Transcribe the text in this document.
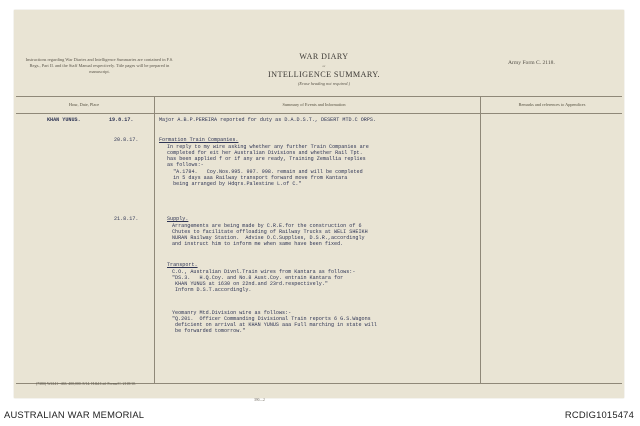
Instructions regarding War Diaries and Intelligence Summaries are contained in F.S. Regs., Part II. and the Staff Manual respectively. Title pages will be prepared in manuscript.
WAR DIARY
or
INTELLIGENCE SUMMARY.
(Erase heading not required.)
Army Form C. 2118.
Hour, Date, Place	Summary of Events and Information	Remarks and references to Appendices
KHAN YUNUS.	19.8.17.	Major A.B.P.PEREIRA reported for duty as D.A.D.S.T., DESERT MTD.C ORPS.
20.8.17.	Formation Train Companies.
In reply to my wire asking whether any further Train Companies are
completed for eit her Australian Divisions and whether Rail Tpt.
has been applied f or if any are ready, Training Zemallia replies
as follows:-
"A.1784.   Coy.Nos.995. 997. 998. remain and will be completed
in 5 days aaa Railway transport forward move from Kantara
being arranged by Hdqrs.Palestine L.of C."
21.8.17.	Supply.
Arrangements are being made by C.R.E.for the construction of 6
Chutes to facilitate offloading of Railway Trucks at WELI SHEIKH
NURAN Railway Station.  Advise O.C.Supplies, D.S.R.,accordingly
and instruct him to inform me when same have been fixed.
Transport.
C.O., Australian Divnl.Train wires from Kantara as follows:-
"DS.3.   H.Q.Coy. and No.8 Aust.Coy. entrain Kantara for
KHAN YUNUS at 1630 on 22nd.and 23rd.respectively."
Inform D.S.T.accordingly.
Yeomanry Mtd.Division wire as follows:-
"Q.201.  Officer Commanding Divisional Train reports 6 G.S.Wagons
deficient on arrival at KHAN YUNUS aaa Full marching in state will
be forwarded tomorrow."
(7380) W4141--463. 400,000. 8/14. H.&J.Ltd. Forms/C. 2118/10.
390—2
AUSTRALIAN WAR MEMORIAL	RCDIG1015474
